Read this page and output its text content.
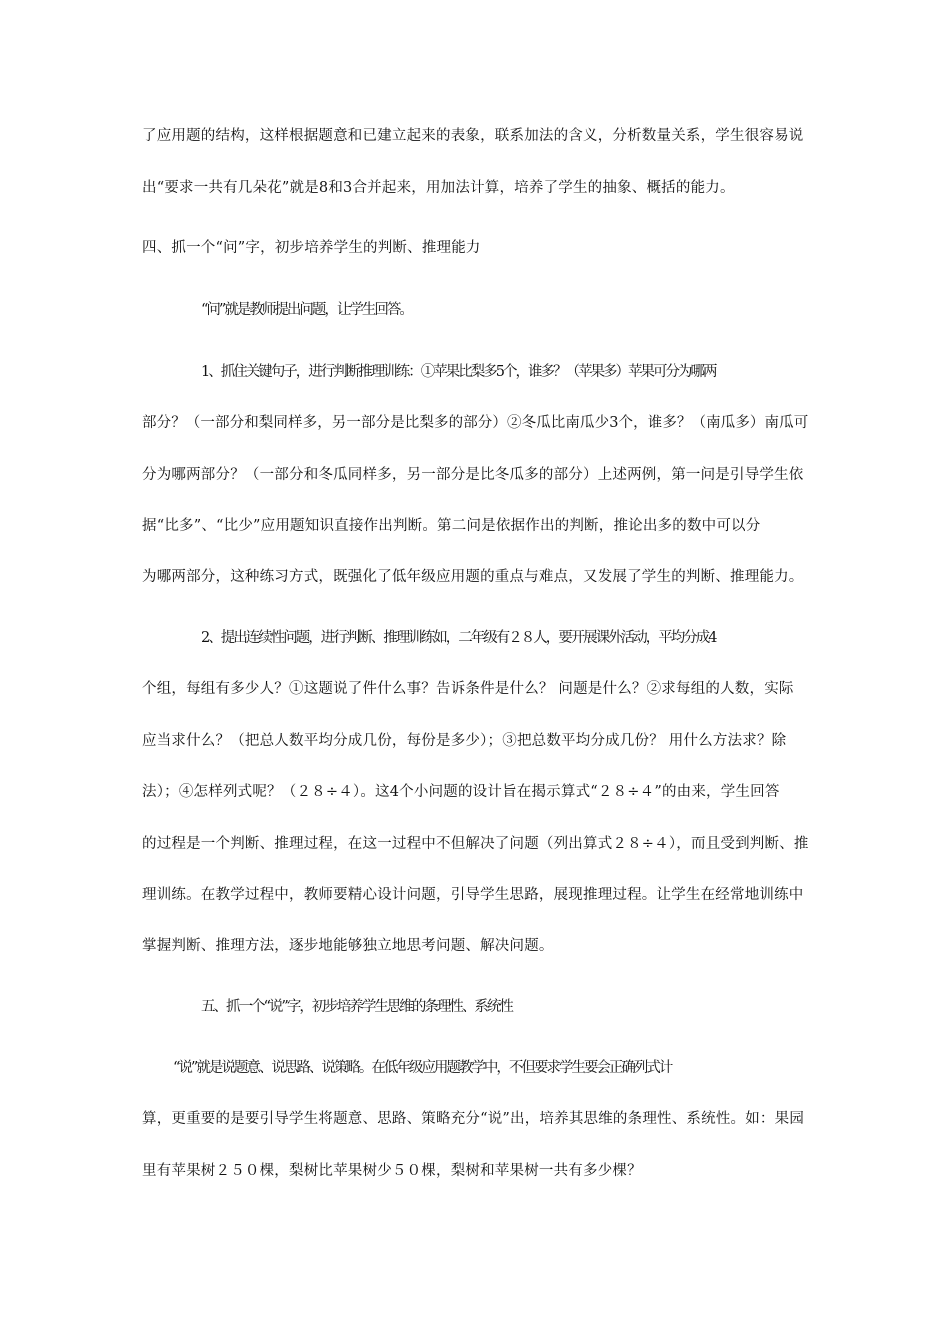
了应用题的结构，这样根据题意和已建立起来的表象，联系加法的含义，分析数量关系，学生很容易说
出“要求一共有几朵花”就是8和3合并起来，用加法计算，培养了学生的抽象、概括的能力。
四、抓一个“问”字，初步培养学生的判断、推理能力
“问”就是教师提出问题，让学生回答。
1、抓住关键句子，进行判断推理训练：①苹果比梨多5个，谁多？（苹果多）苹果可分为哪两
部分？（一部分和梨同样多，另一部分是比梨多的部分）②冬瓜比南瓜少3个，谁多？（南瓜多）南瓜可
分为哪两部分？（一部分和冬瓜同样多，另一部分是比冬瓜多的部分）上述两例，第一问是引导学生依
据“比多”、“比少”应用题知识直接作出判断。第二问是依据作出的判断，推论出多的数中可以分
为哪两部分，这种练习方式，既强化了低年级应用题的重点与难点，又发展了学生的判断、推理能力。
2、提出连续性问题，进行判断、推理训练如，二年级有２８人，要开展课外活动，平均分成4
个组，每组有多少人？①这题说了件什么事？告诉条件是什么？ 问题是什么？②求每组的人数，实际
应当求什么？（把总人数平均分成几份，每份是多少）；③把总数平均分成几份？ 用什么方法求？除
法）；④怎样列式呢？（２８÷４）。这4个小问题的设计旨在揭示算式“２８÷４”的由来，学生回答
的过程是一个判断、推理过程，在这一过程中不但解决了问题（列出算式２８÷４），而且受到判断、推
理训练。在教学过程中，教师要精心设计问题，引导学生思路，展现推理过程。让学生在经常地训练中
掌握判断、推理方法，逐步地能够独立地思考问题、解决问题。
五、抓一个“说”字，初步培养学生思维的条理性、系统性
“说”就是说题意、说思路、说策略。在低年级应用题教学中，不但要求学生要会正确列式计
算，更重要的是要引导学生将题意、思路、策略充分“说”出，培养其思维的条理性、系统性。如：果园
里有苹果树２５０棵，梨树比苹果树少５０棵，梨树和苹果树一共有多少棵？
